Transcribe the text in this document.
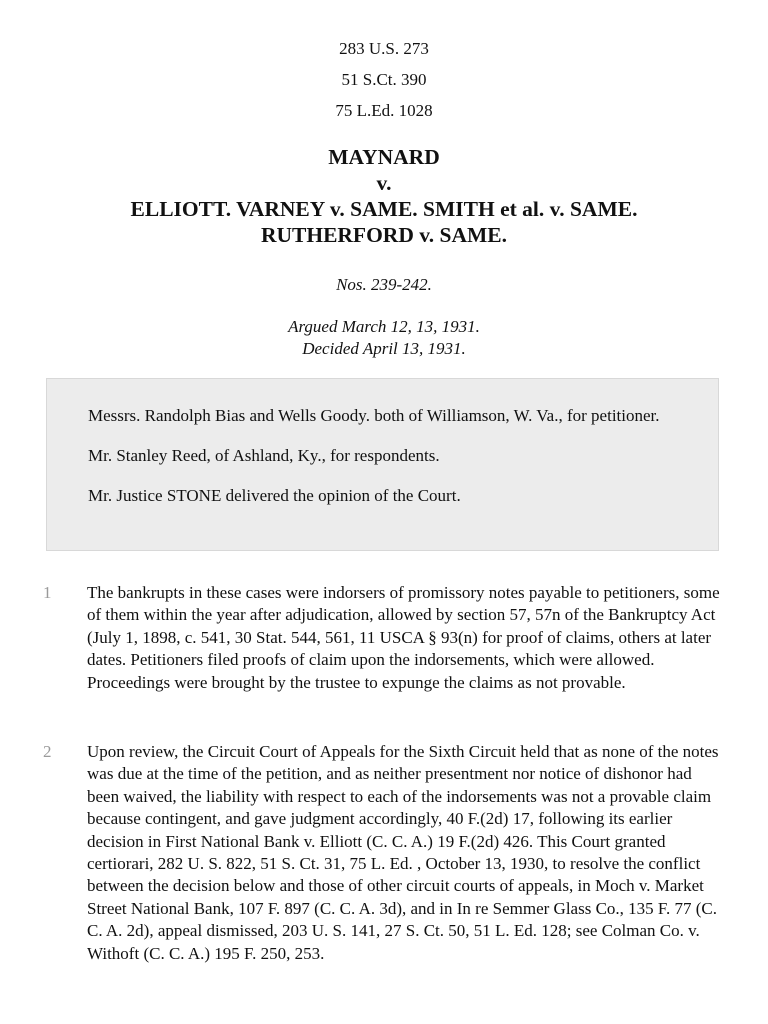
283 U.S. 273
51 S.Ct. 390
75 L.Ed. 1028
MAYNARD
v.
ELLIOTT. VARNEY v. SAME. SMITH et al. v. SAME.
RUTHERFORD v. SAME.
Nos. 239-242.
Argued March 12, 13, 1931.
Decided April 13, 1931.

Messrs. Randolph Bias and Wells Goody. both of Williamson, W. Va., for petitioner.

Mr. Stanley Reed, of Ashland, Ky., for respondents.

Mr. Justice STONE delivered the opinion of the Court.

1	The bankrupts in these cases were indorsers of promissory notes payable to petitioners, some of them within the year after adjudication, allowed by section 57, 57n of the Bankruptcy Act (July 1, 1898, c. 541, 30 Stat. 544, 561, 11 USCA § 93(n) for proof of claims, others at later dates. Petitioners filed proofs of claim upon the indorsements, which were allowed. Proceedings were brought by the trustee to expunge the claims as not provable.
2	Upon review, the Circuit Court of Appeals for the Sixth Circuit held that as none of the notes was due at the time of the petition, and as neither presentment nor notice of dishonor had been waived, the liability with respect to each of the indorsements was not a provable claim because contingent, and gave judgment accordingly, 40 F.(2d) 17, following its earlier decision in First National Bank v. Elliott (C. C. A.) 19 F.(2d) 426. This Court granted certiorari, 282 U. S. 822, 51 S. Ct. 31, 75 L. Ed. , October 13, 1930, to resolve the conflict between the decision below and those of other circuit courts of appeals, in Moch v. Market Street National Bank, 107 F. 897 (C. C. A. 3d), and in In re Semmer Glass Co., 135 F. 77 (C. C. A. 2d), appeal dismissed, 203 U. S. 141, 27 S. Ct. 50, 51 L. Ed. 128; see Colman Co. v. Withoft (C. C. A.) 195 F. 250, 253.
